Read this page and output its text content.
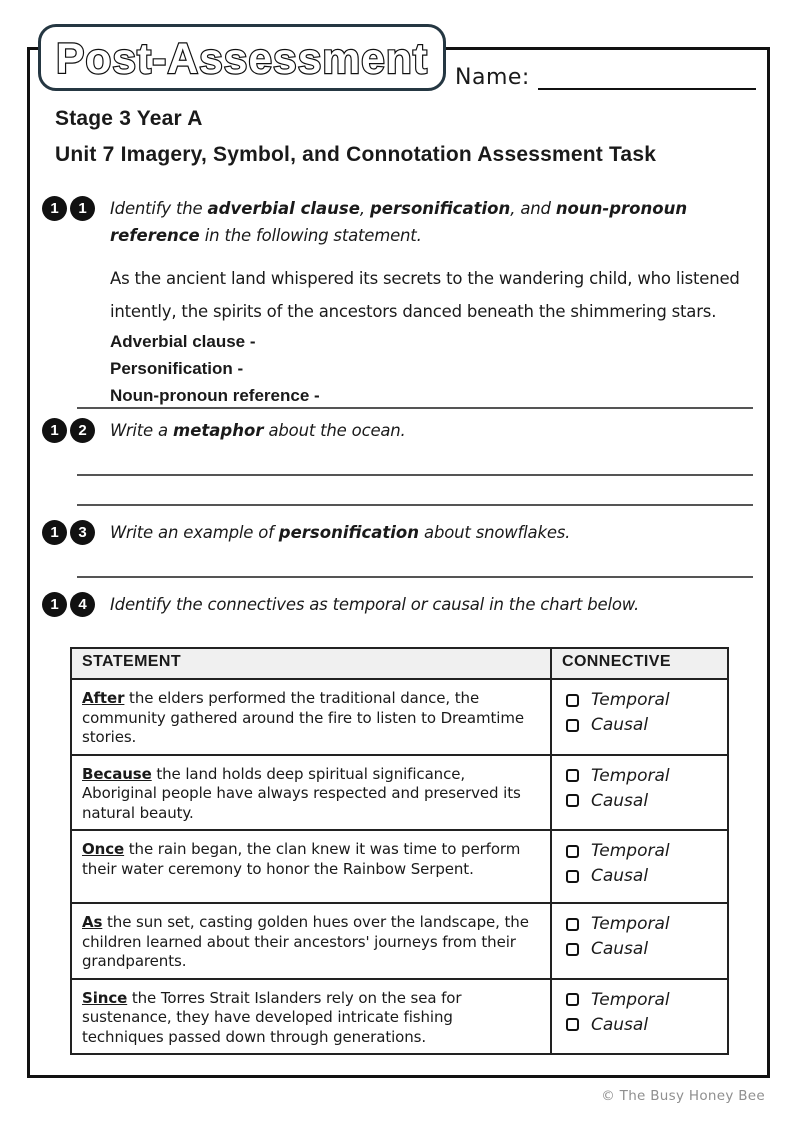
Post-Assessment Name:
Stage 3 Year A
Unit 7 Imagery, Symbol, and Connotation Assessment Task
1	1	Identify the adverbial clause, personification, and noun-pronoun reference in the following statement.
As the ancient land whispered its secrets to the wandering child, who listened intently, the spirits of the ancestors danced beneath the shimmering stars.
Adverbial clause -
Personification -
Noun-pronoun reference -
1	2	Write a metaphor about the ocean.
1	3	Write an example of personification about snowflakes.
1	4	Identify the connectives as temporal or causal in the chart below.
STATEMENT	CONNECTIVE
After the elders performed the traditional dance, the community gathered around the fire to listen to Dreamtime stories.	Temporal
Causal

Because the land holds deep spiritual significance, Aboriginal people have always respected and preserved its natural beauty.	Temporal
Causal

Once the rain began, the clan knew it was time to perform their water ceremony to honor the Rainbow Serpent.	Temporal
Causal

As the sun set, casting golden hues over the landscape, the children learned about their ancestors' journeys from their grandparents.	Temporal
Causal

Since the Torres Strait Islanders rely on the sea for sustenance, they have developed intricate fishing techniques passed down through generations.	Temporal
Causal
© The Busy Honey Bee
